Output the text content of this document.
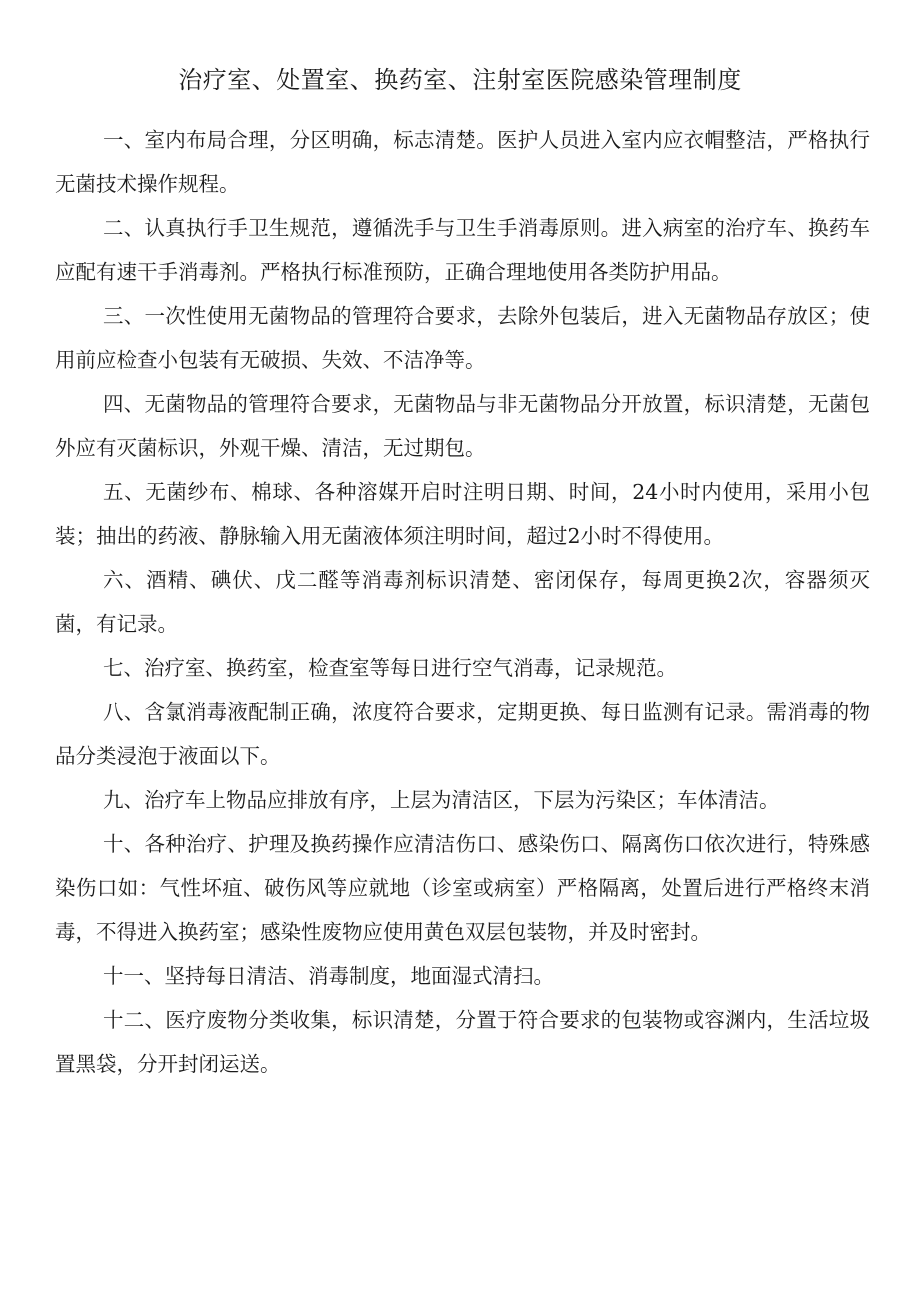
治疗室、处置室、换药室、注射室医院感染管理制度

一、室内布局合理，分区明确，标志清楚。医护人员进入室内应衣帽整洁，严格执行无菌技术操作规程。

二、认真执行手卫生规范，遵循洗手与卫生手消毒原则。进入病室的治疗车、换药车应配有速干手消毒剂。严格执行标准预防，正确合理地使用各类防护用品。

三、一次性使用无菌物品的管理符合要求，去除外包装后，进入无菌物品存放区；使用前应检查小包装有无破损、失效、不洁净等。

四、无菌物品的管理符合要求，无菌物品与非无菌物品分开放置，标识清楚，无菌包外应有灭菌标识，外观干燥、清洁，无过期包。

五、无菌纱布、棉球、各种溶媒开启时注明日期、时间，24小时内使用，采用小包装；抽出的药液、静脉输入用无菌液体须注明时间，超过2小时不得使用。

六、酒精、碘伏、戊二醛等消毒剂标识清楚、密闭保存，每周更换2次，容器须灭菌，有记录。

七、治疗室、换药室，检查室等每日进行空气消毒，记录规范。

八、含氯消毒液配制正确，浓度符合要求，定期更换、每日监测有记录。需消毒的物品分类浸泡于液面以下。

九、治疗车上物品应排放有序，上层为清洁区，下层为污染区；车体清洁。

十、各种治疗、护理及换药操作应清洁伤口、感染伤口、隔离伤口依次进行，特殊感染伤口如：气性坏疽、破伤风等应就地（诊室或病室）严格隔离，处置后进行严格终末消毒，不得进入换药室；感染性废物应使用黄色双层包装物，并及时密封。

十一、坚持每日清洁、消毒制度，地面湿式清扫。

十二、医疗废物分类收集，标识清楚，分置于符合要求的包装物或容渊内，生活垃圾置黑袋，分开封闭运送。
